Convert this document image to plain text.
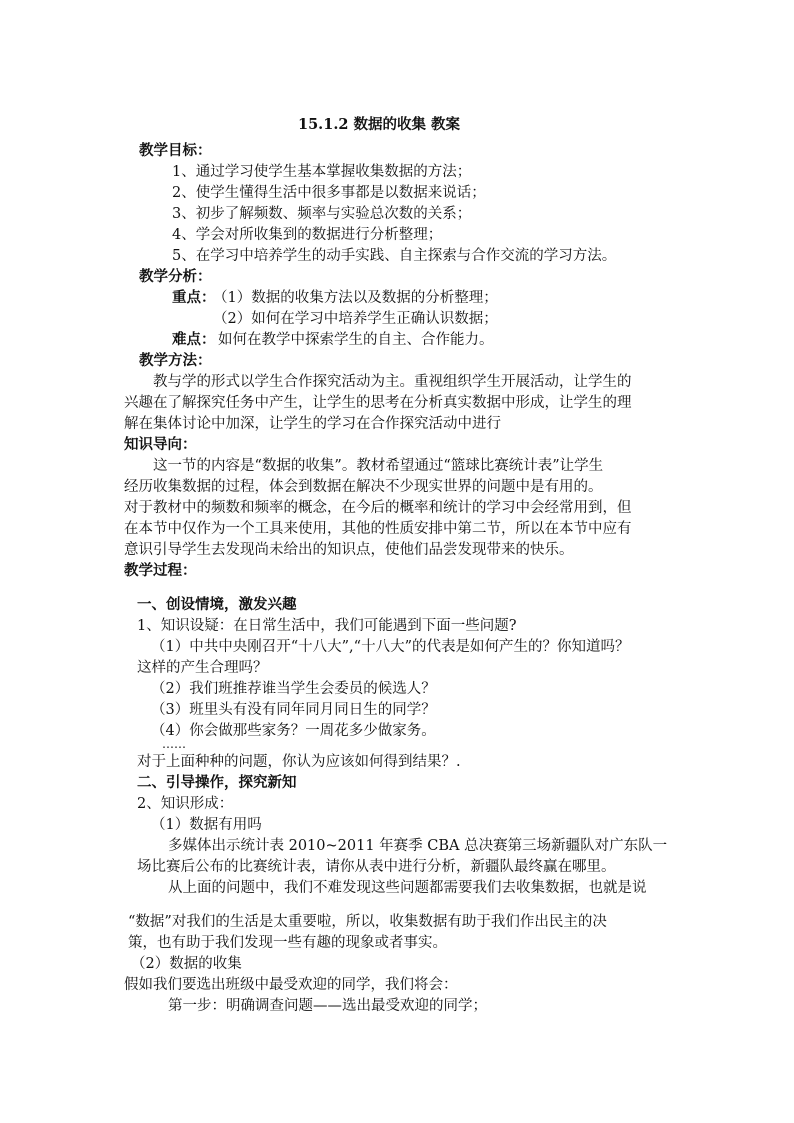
15.1.2 数据的收集 教案
教学目标：
1、通过学习使学生基本掌握收集数据的方法；
2、使学生懂得生活中很多事都是以数据来说话；
3、初步了解频数、频率与实验总次数的关系；
4、学会对所收集到的数据进行分析整理；
5、在学习中培养学生的动手实践、自主探索与合作交流的学习方法。
教学分析：
重点：
（1）数据的收集方法以及数据的分析整理；
（2）如何在学习中培养学生正确认识数据；
难点： 如何在教学中探索学生的自主、合作能力。
教学方法：
教与学的形式以学生合作探究活动为主。重视组织学生开展活动，让学生的
兴趣在了解探究任务中产生，让学生的思考在分析真实数据中形成，让学生的理
解在集体讨论中加深，让学生的学习在合作探究活动中进行
知识导向：
这一节的内容是“数据的收集”。教材希望通过“篮球比赛统计表”让学生
经历收集数据的过程，体会到数据在解决不少现实世界的问题中是有用的。
对于教材中的频数和频率的概念，在今后的概率和统计的学习中会经常用到，但
在本节中仅作为一个工具来使用，其他的性质安排中第二节，所以在本节中应有
意识引导学生去发现尚未给出的知识点，使他们品尝发现带来的快乐。
教学过程：
一、创设情境，激发兴趣
1、知识设疑：在日常生活中，我们可能遇到下面一些问题?
（1）中共中央刚召开“十八大”,“十八大”的代表是如何产生的？你知道吗？
这样的产生合理吗？
（2）我们班推荐谁当学生会委员的候选人？
（3）班里头有没有同年同月同日生的同学？
（4）你会做那些家务？一周花多少做家务。
……
对于上面种种的问题，你认为应该如何得到结果？.
二、引导操作，探究新知
2、知识形成：
（1）数据有用吗
多媒体出示统计表 2010~2011 年赛季 CBA 总决赛第三场新疆队对广东队一
场比赛后公布的比赛统计表，请你从表中进行分析，新疆队最终赢在哪里。
从上面的问题中，我们不难发现这些问题都需要我们去收集数据，也就是说
“数据”对我们的生活是太重要啦，所以，收集数据有助于我们作出民主的决
策，也有助于我们发现一些有趣的现象或者事实。
（2）数据的收集
假如我们要选出班级中最受欢迎的同学，我们将会：
第一步：明确调查问题——选出最受欢迎的同学；
